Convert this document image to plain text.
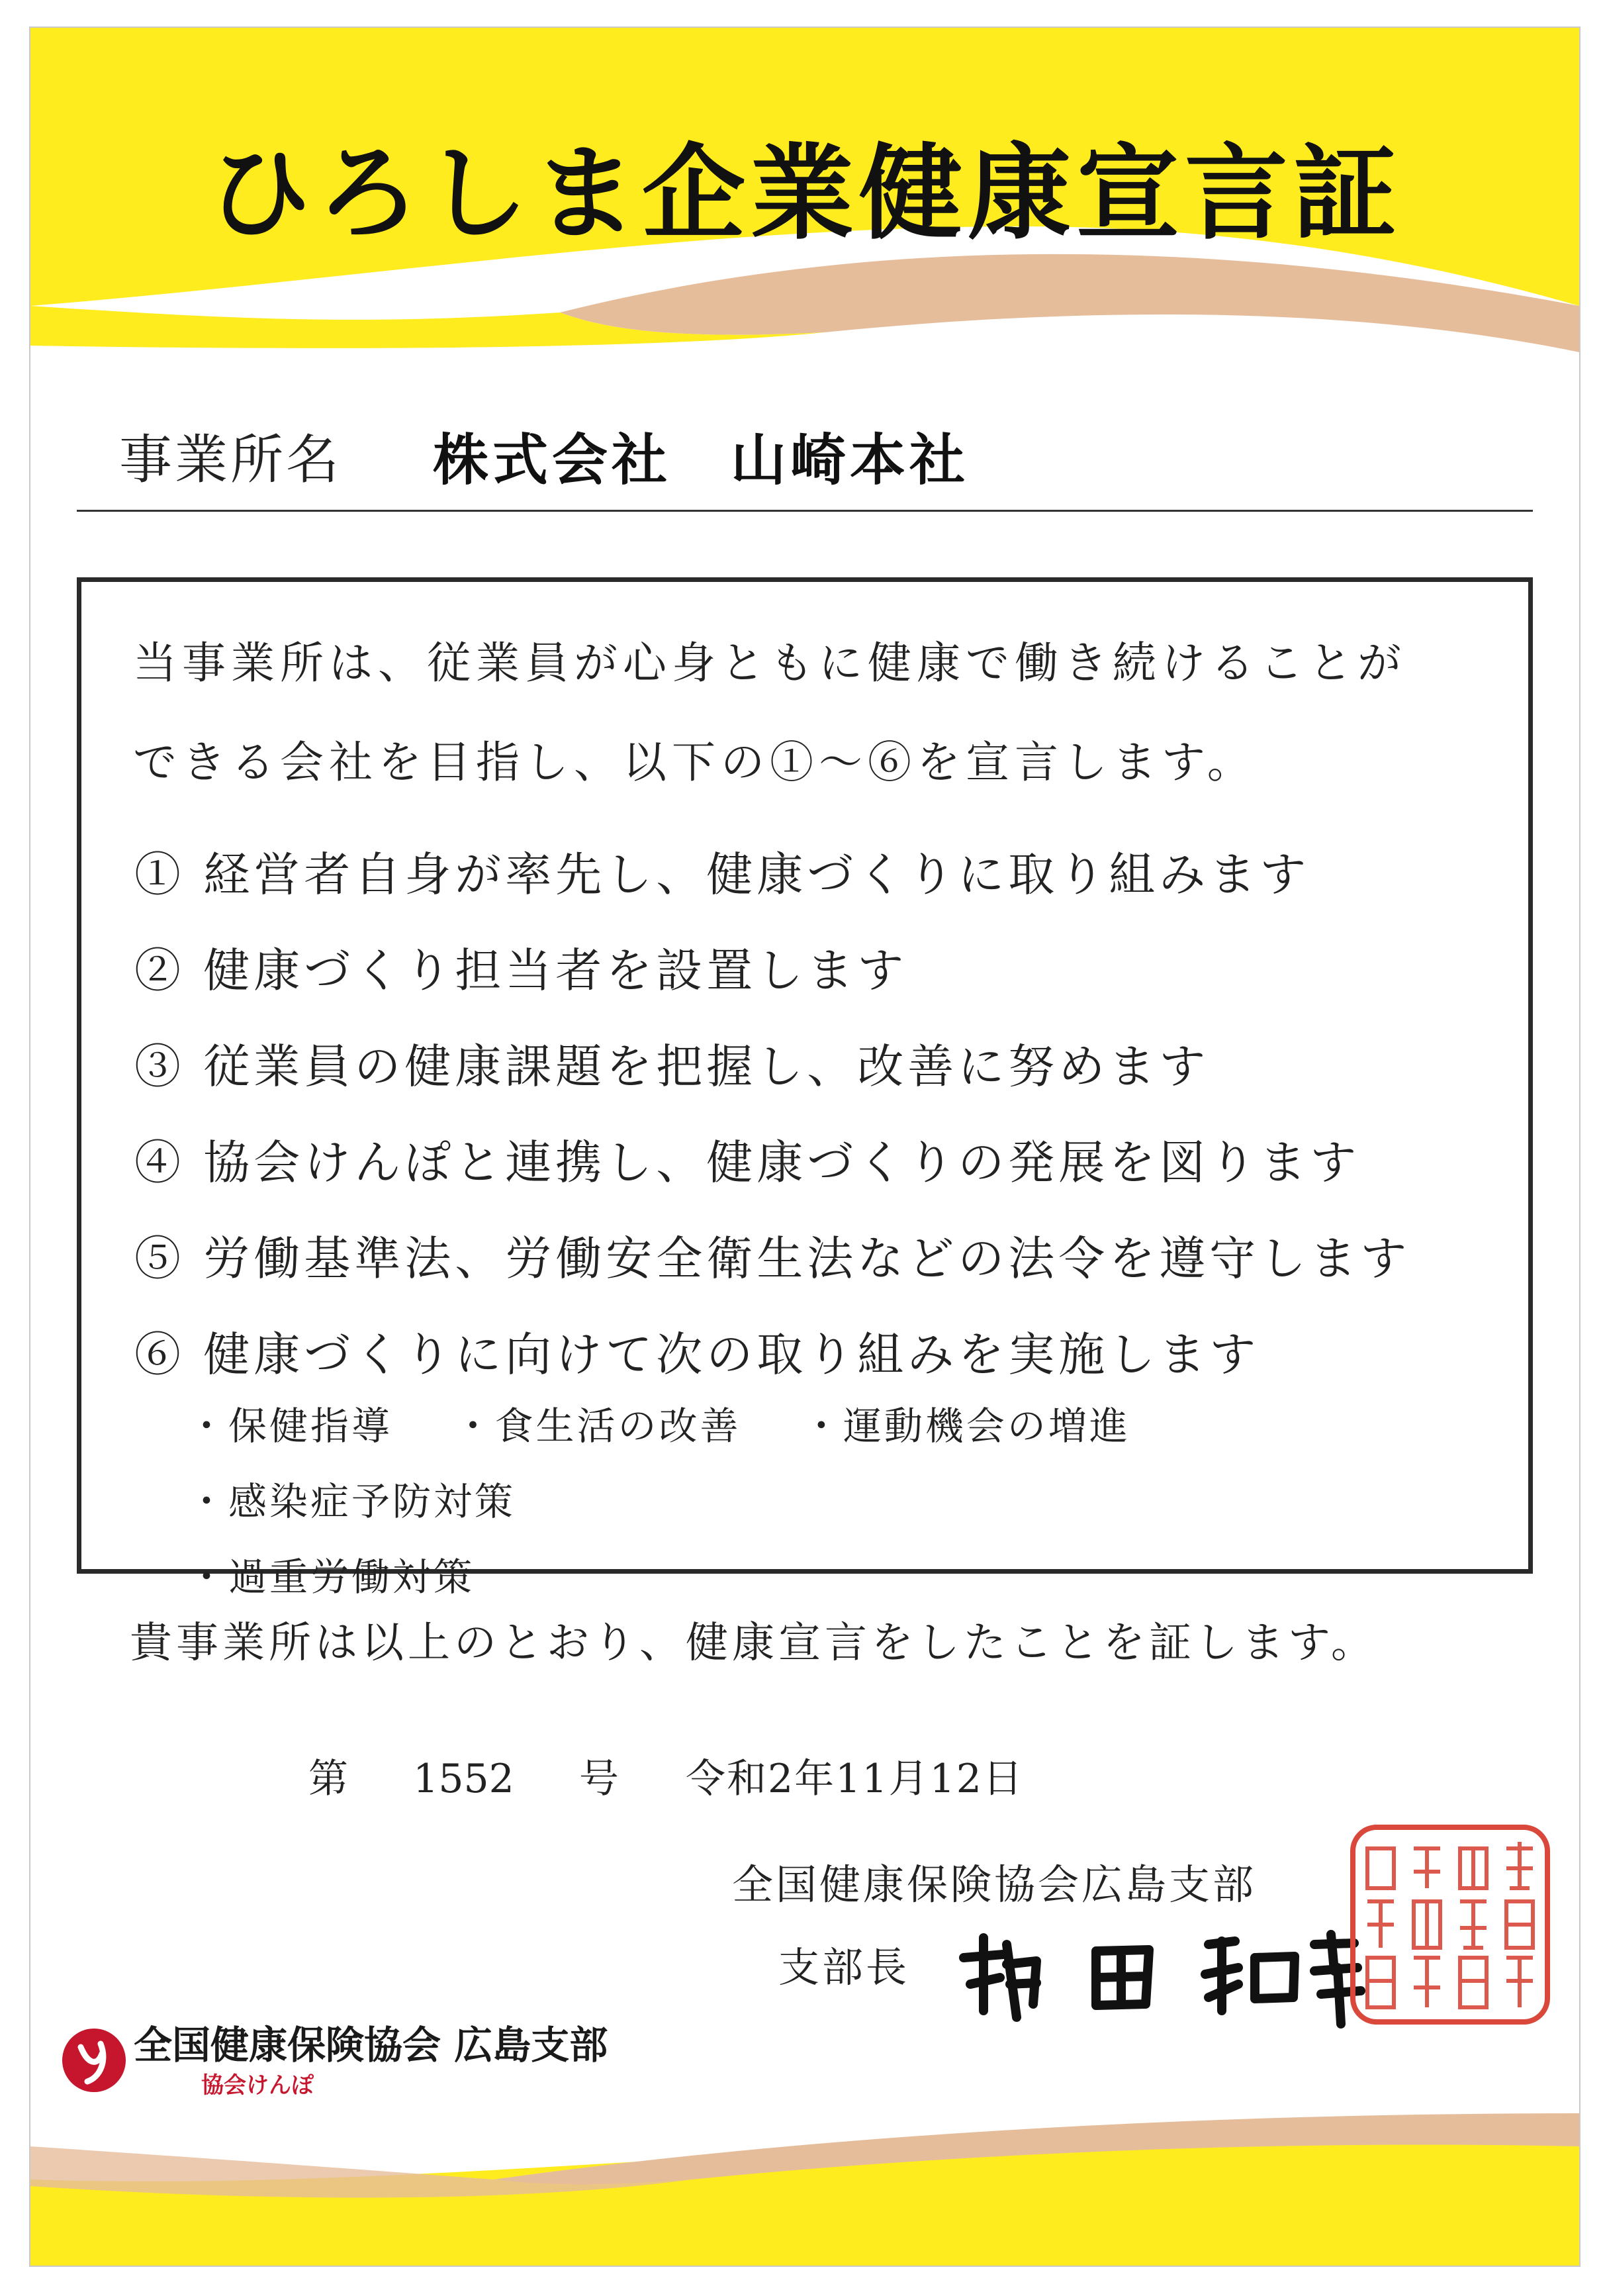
ひろしま企業健康宣言証
事業所名 株式会社　山崎本社
当事業所は、従業員が心身ともに健康で働き続けることが
できる会社を目指し、以下の①～⑥を宣言します。
① 経営者自身が率先し、健康づくりに取り組みます
② 健康づくり担当者を設置します
③ 従業員の健康課題を把握し、改善に努めます
④ 協会けんぽと連携し、健康づくりの発展を図ります
⑤ 労働基準法、労働安全衛生法などの法令を遵守します
⑥ 健康づくりに向けて次の取り組みを実施します
・保健指導 ・食生活の改善 ・運動機会の増進 ・感染症予防対策
・過重労働対策
貴事業所は以上のとおり、健康宣言をしたことを証します。
第 1552 号 令和2年11月12日
全国健康保険協会広島支部
支部長
全国健康保険協会 広島支部
協会けんぽ
